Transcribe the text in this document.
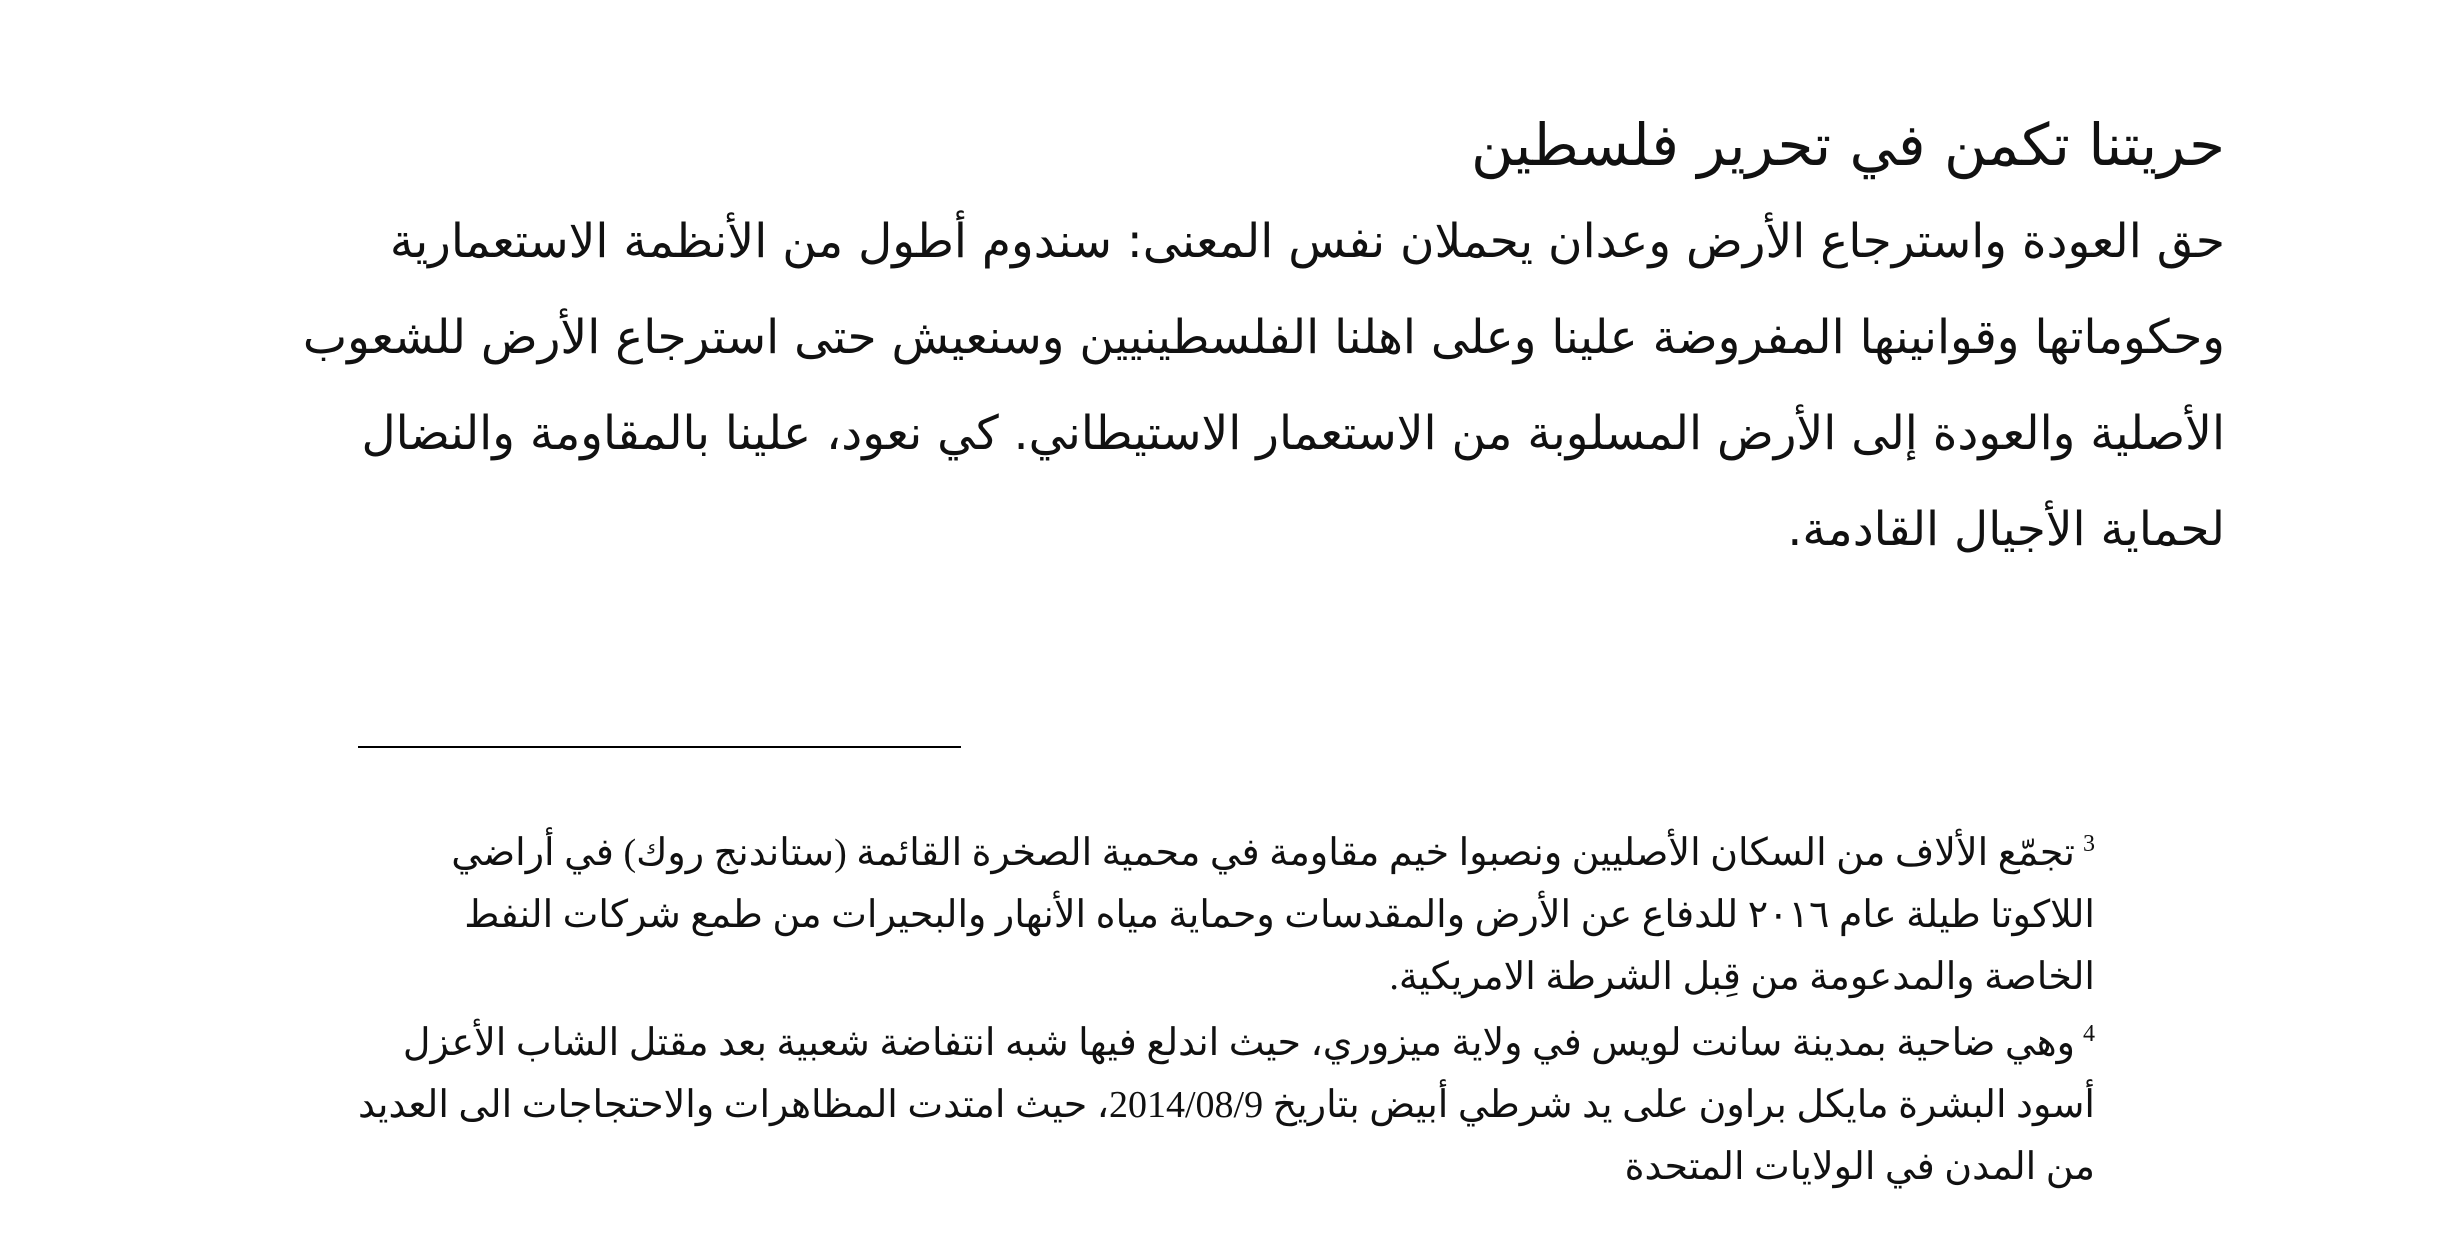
حريتنا تكمن في تحرير فلسطين

حق العودة واسترجاع الأرض وعدان يحملان نفس المعنى: سندوم أطول من الأنظمة الاستعمارية وحكوماتها وقوانينها المفروضة علينا وعلى اهلنا الفلسطينيين وسنعيش حتى استرجاع الأرض للشعوب الأصلية والعودة إلى الأرض المسلوبة من الاستعمار الاستيطاني. كي نعود، علينا بالمقاومة والنضال لحماية الأجيال القادمة.

$^3$تجمّع الألاف من السكان الأصليين ونصبوا خيم مقاومة في محمية الصخرة القائمة (ستاندنج روك) في أراضي اللاكوتا طيلة عام ٢٠١٦ للدفاع عن الأرض والمقدسات وحماية مياه الأنهار والبحيرات من طمع شركات النفط الخاصة والمدعومة من قِبل الشرطة الامريكية.

$^4$وهي ضاحية بمدينة سانت لويس في ولاية ميزوري، حيث اندلع فيها شبه انتفاضة شعبية بعد مقتل الشاب الأعزل أسود البشرة مايكل براون على يد شرطي أبيض بتاريخ 2014/08/9، حيث امتدت المظاهرات والاحتجاجات الى العديد من المدن في الولايات المتحدة
